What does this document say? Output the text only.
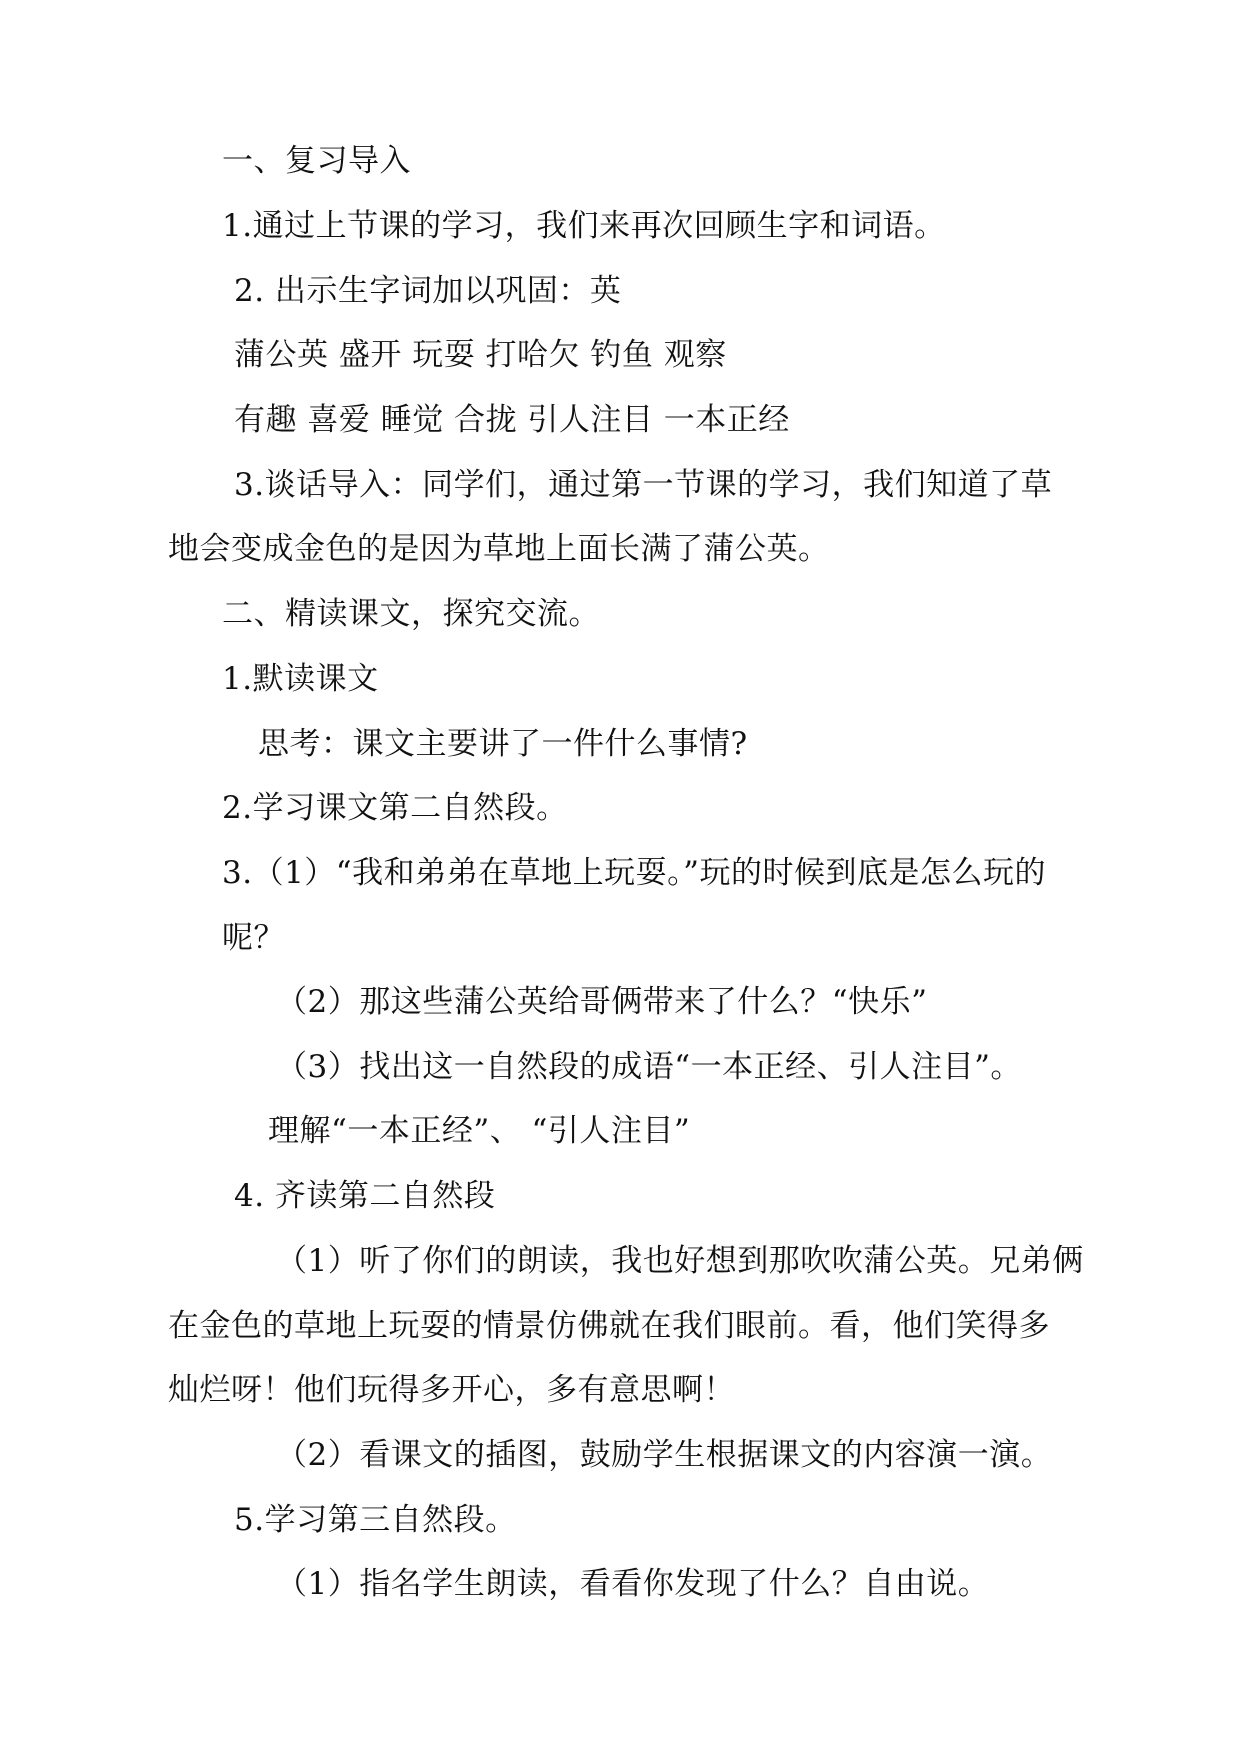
一、复习导入
1.通过上节课的学习，我们来再次回顾生字和词语。
2. 出示生字词加以巩固：英
蒲公英 盛开 玩耍 打哈欠 钓鱼 观察
有趣 喜爱 睡觉 合拢 引人注目 一本正经
3.谈话导入：同学们，通过第一节课的学习，我们知道了草
地会变成金色的是因为草地上面长满了蒲公英。
二、精读课文，探究交流。
1.默读课文
思考：课文主要讲了一件什么事情?
2.学习课文第二自然段。
3.（1）“我和弟弟在草地上玩耍。”玩的时候到底是怎么玩的
呢？
（2）那这些蒲公英给哥俩带来了什么？“快乐”
（3）找出这一自然段的成语“一本正经、引人注目”。
理解“一本正经”、 “引人注目”
4. 齐读第二自然段
（1）听了你们的朗读，我也好想到那吹吹蒲公英。兄弟俩
在金色的草地上玩耍的情景仿佛就在我们眼前。看，他们笑得多
灿烂呀！他们玩得多开心，多有意思啊！
（2）看课文的插图，鼓励学生根据课文的内容演一演。
5.学习第三自然段。
（1）指名学生朗读，看看你发现了什么？自由说。
